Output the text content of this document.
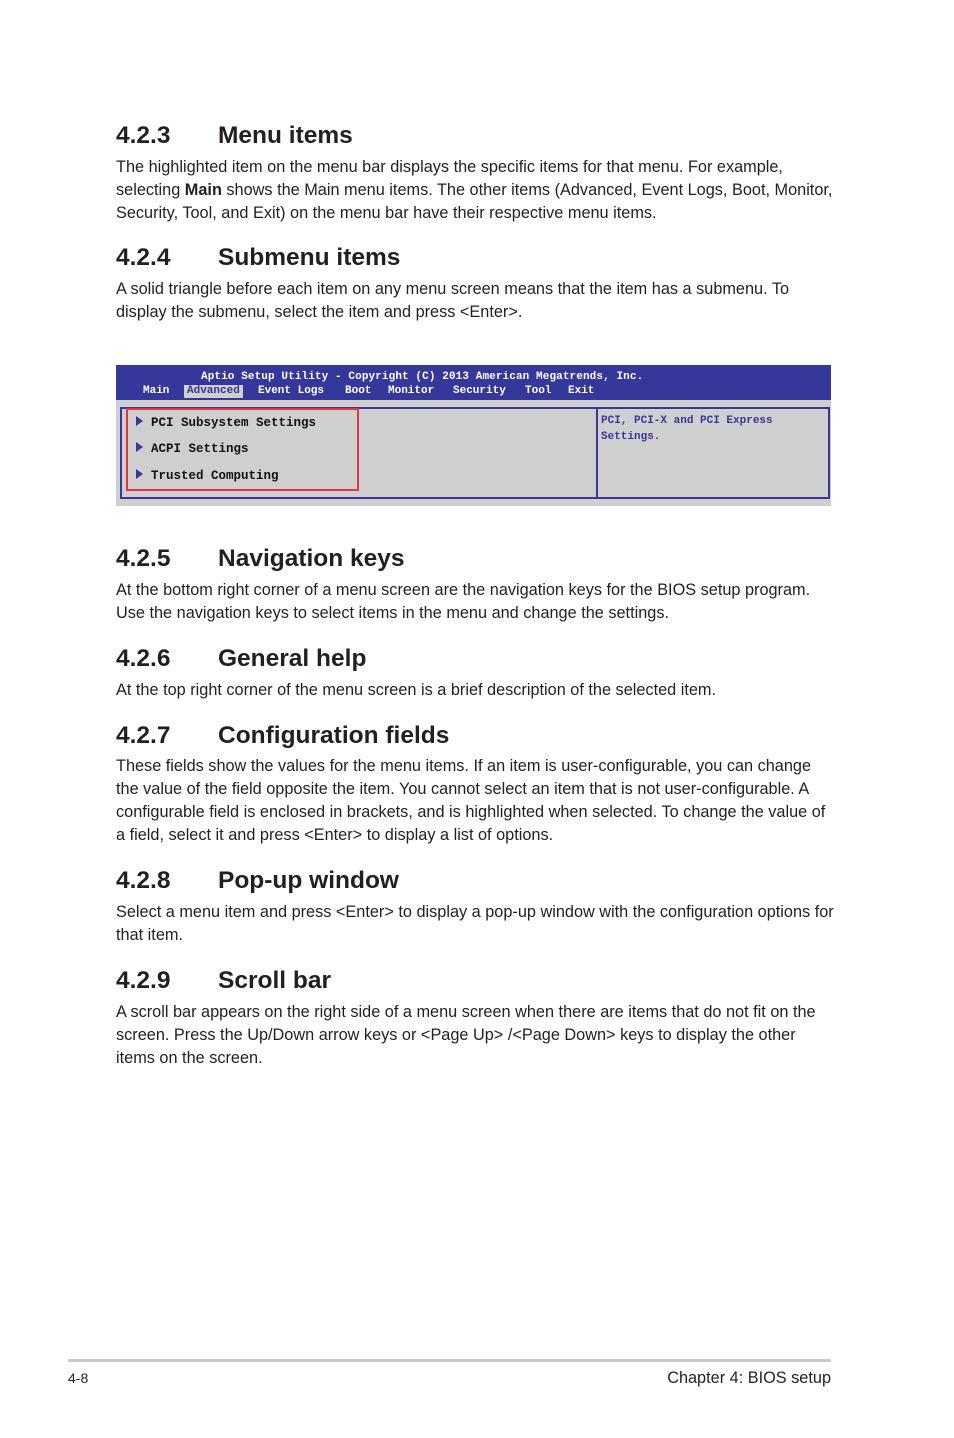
4.2.3 Menu items

The highlighted item on the menu bar displays the specific items for that menu. For example, selecting Main shows the Main menu items. The other items (Advanced, Event Logs, Boot, Monitor, Security, Tool, and Exit) on the menu bar have their respective menu items.

4.2.4 Submenu items

A solid triangle before each item on any menu screen means that the item has a submenu. To display the submenu, select the item and press <Enter>.

Aptio Setup Utility - Copyright (C) 2013 American Megatrends, Inc.
Main Advanced Event Logs Boot Monitor Security Tool Exit
PCI, PCI-X and PCI Express Settings.
PCI Subsystem Settings
ACPI Settings
Trusted Computing
4.2.5 Navigation keys

At the bottom right corner of a menu screen are the navigation keys for the BIOS setup program. Use the navigation keys to select items in the menu and change the settings.

4.2.6 General help

At the top right corner of the menu screen is a brief description of the selected item.

4.2.7 Configuration fields

These fields show the values for the menu items. If an item is user-configurable, you can change the value of the field opposite the item. You cannot select an item that is not user-configurable. A configurable field is enclosed in brackets, and is highlighted when selected. To change the value of a field, select it and press <Enter> to display a list of options.

4.2.8 Pop-up window

Select a menu item and press <Enter> to display a pop-up window with the configuration options for that item.

4.2.9 Scroll bar

A scroll bar appears on the right side of a menu screen when there are items that do not fit on the screen. Press the Up/Down arrow keys or <Page Up> /<Page Down> keys to display the other items on the screen.

4-8	Chapter 4: BIOS setup
